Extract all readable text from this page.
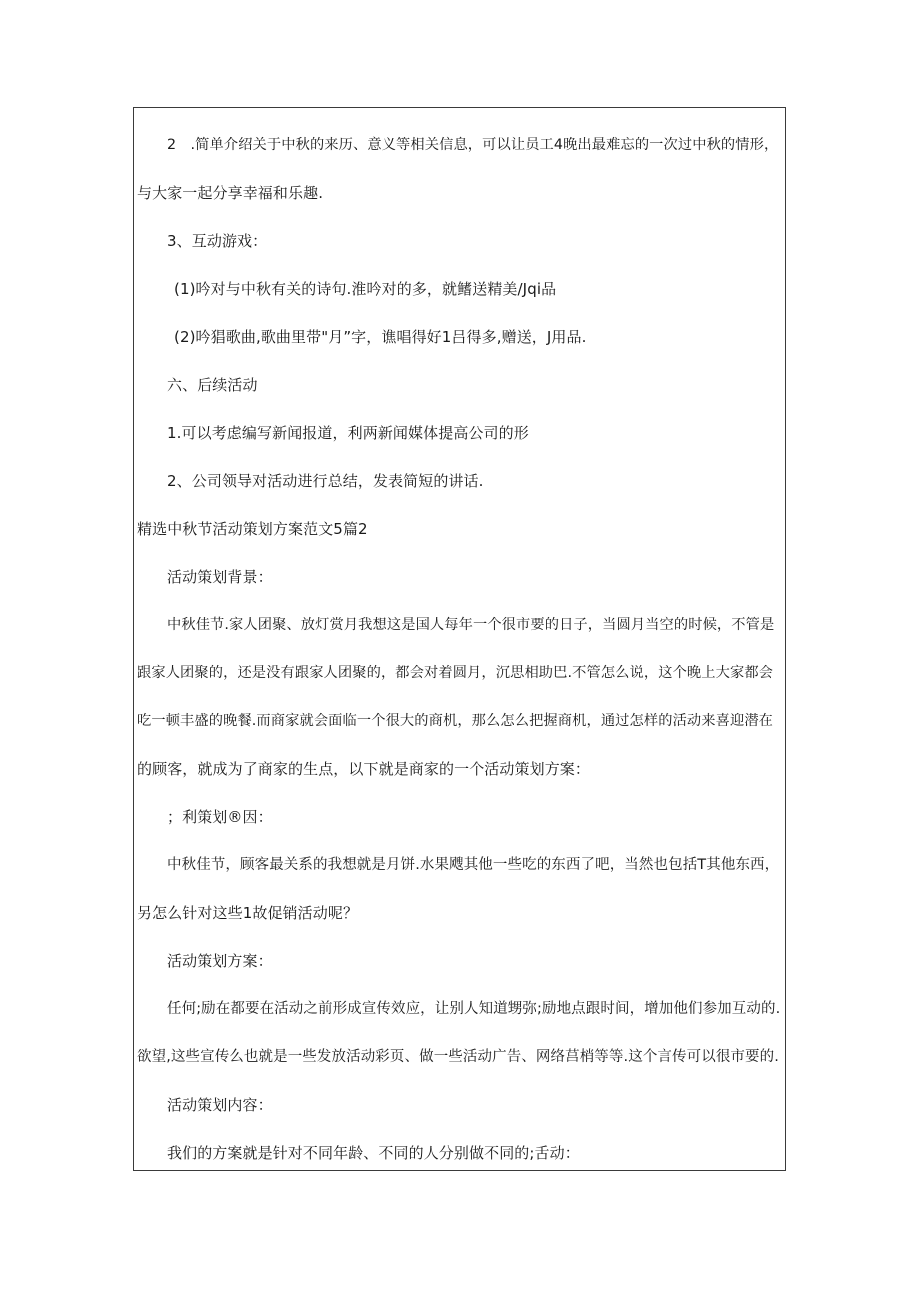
2　.简单介绍关于中秋的来历、意义等相关信息，可以让员工4晚出最难忘的一次过中秋的情形，
与大家一起分享幸福和乐趣.
3、互动游戏：
(1)吟对与中秋有关的诗句.淮吟对的多，就鳍送精美/Jqi品
(2)吟猖歌曲,歌曲里带"月”字，谯唱得好1吕得多,赠送，J用品.
六、后续活动
1.可以考虑编写新闻报道，利两新闻媒体提高公司的形
2、公司领导对活动进行总结，发表简短的讲话.
精选中秋节活动策划方案范文5篇2
活动策划背景：
中秋佳节.家人团聚、放灯赏月我想这是国人每年一个很市要的日子，当圆月当空的时候，不管是
跟家人团聚的，还是没有跟家人团聚的，都会对着圆月，沉思相助巴.不管怎么说，这个晚上大家都会
吃一顿丰盛的晚餐.而商家就会面临一个很大的商机，那么怎么把握商机，通过怎样的活动来喜迎潜在
的顾客，就成为了商家的生点，以下就是商家的一个活动策划方案：
；利策划®因：
中秋佳节，顾客最关系的我想就是月饼.水果飕其他一些吃的东西了吧，当然也包括T其他东西，
另怎么针对这些1故促销活动呢？
活动策划方案：
任何;励在都要在活动之前形成宣传效应，让别人知道甥弥;励地点跟时间，增加他们参加互动的.
欲望,这些宣传么也就是一些发放活动彩页、做一些活动广告、网络莒梢等等.这个言传可以很市要的.
活动策划内容：
我们的方案就是针对不同年龄、不同的人分别做不同的;舌动：
